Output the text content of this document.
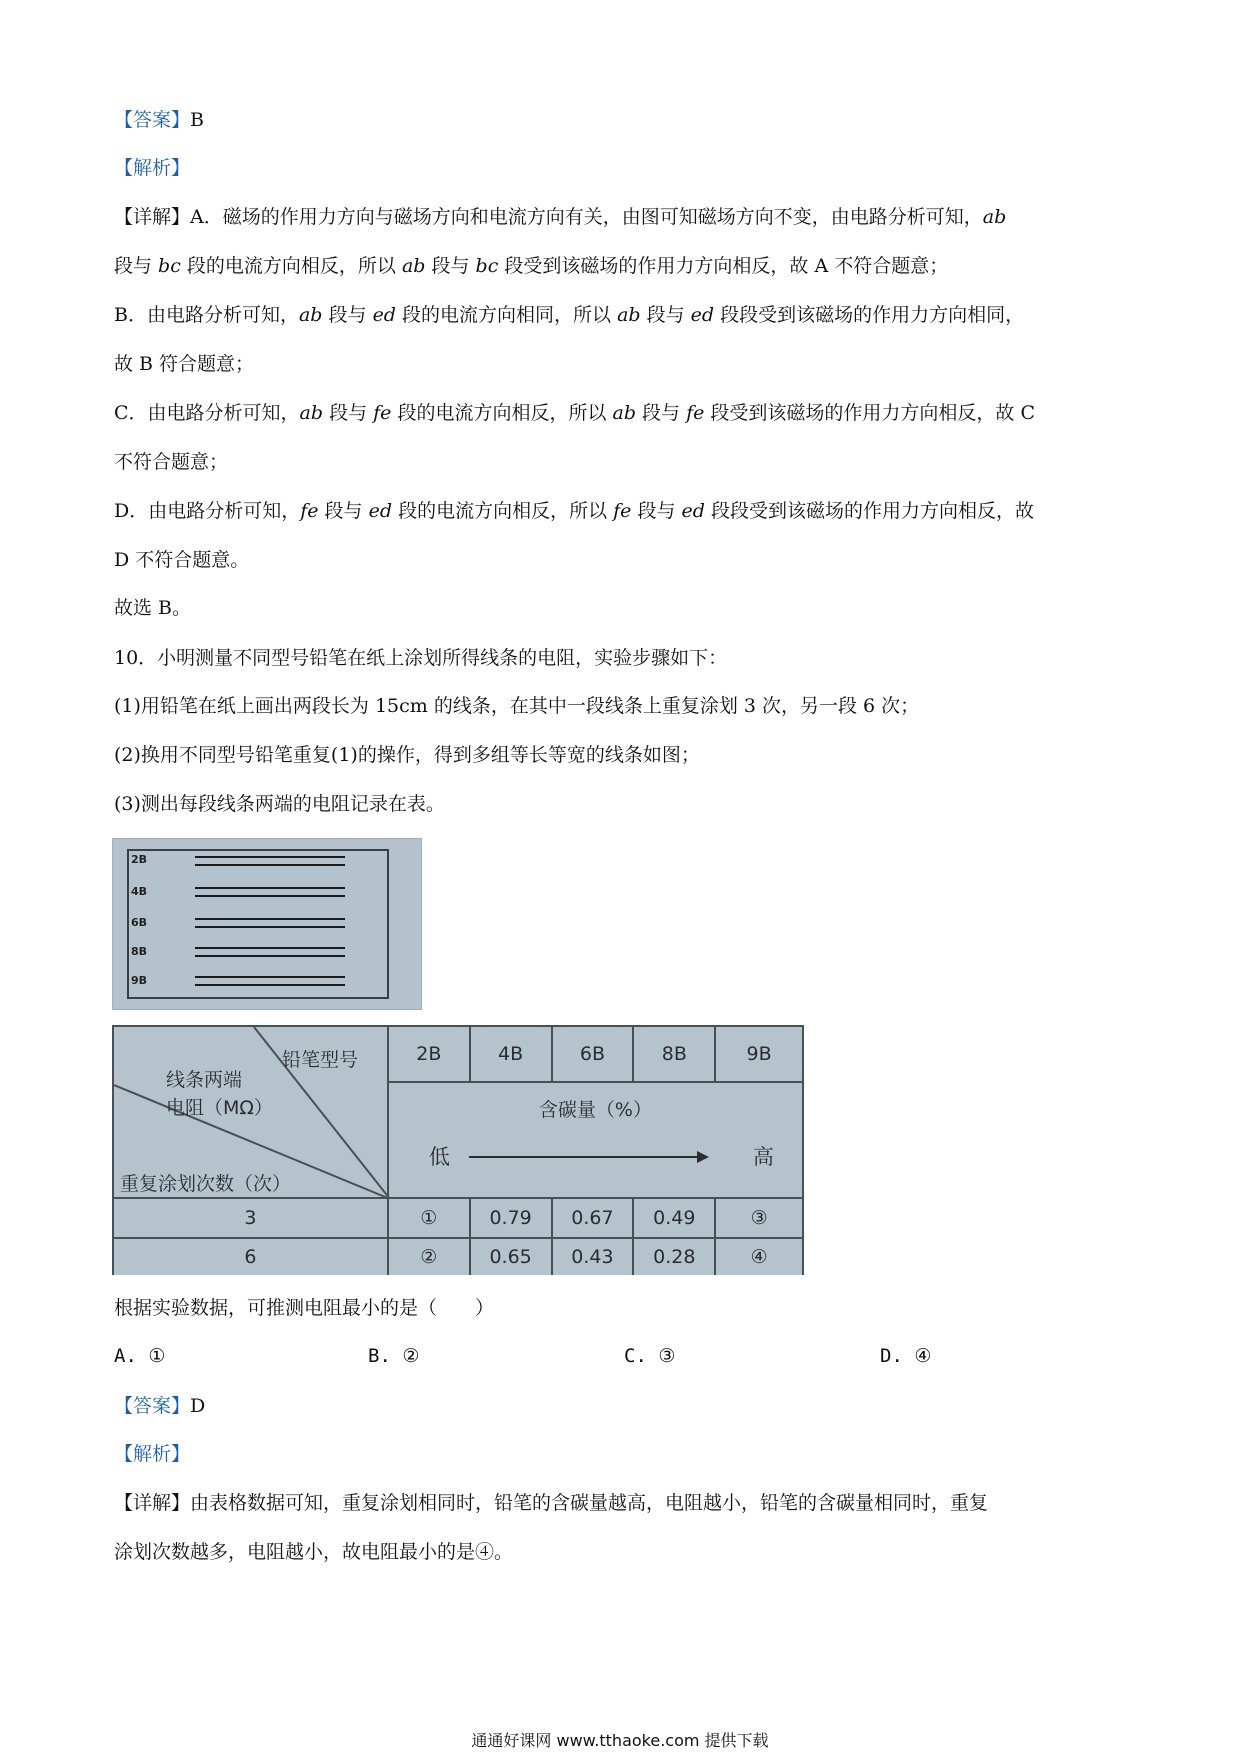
【答案】B
【解析】
【详解】A．磁场的作用力方向与磁场方向和电流方向有关，由图可知磁场方向不变，由电路分析可知，ab
段与 bc 段的电流方向相反，所以 ab 段与 bc 段受到该磁场的作用力方向相反，故 A 不符合题意；
B．由电路分析可知，ab 段与 ed 段的电流方向相同，所以 ab 段与 ed 段段受到该磁场的作用力方向相同，
故 B 符合题意；
C．由电路分析可知，ab 段与 fe 段的电流方向相反，所以 ab 段与 fe 段受到该磁场的作用力方向相反，故 C
不符合题意；
D．由电路分析可知，fe 段与 ed 段的电流方向相反，所以 fe 段与 ed 段段受到该磁场的作用力方向相反，故
D 不符合题意。
故选 B。
10．小明测量不同型号铅笔在纸上涂划所得线条的电阻，实验步骤如下：
(1)用铅笔在纸上画出两段长为 15cm 的线条，在其中一段线条上重复涂划 3 次，另一段 6 次；
(2)换用不同型号铅笔重复(1)的操作，得到多组等长等宽的线条如图；
(3)测出每段线条两端的电阻记录在表。
2B
4B
6B
8B
9B
铅笔型号
线条两端
电阻（MΩ）
重复涂划次数（次）	2B	4B	6B	8B	9B

	含碳量（%）
低 高				

3	①	0.79	0.67	0.49	③
6	②	0.65	0.43	0.28	④
根据实验数据，可推测电阻最小的是（　　）
A. ①	B. ②	C. ③	D. ④
【答案】D
【解析】
【详解】由表格数据可知，重复涂划相同时，铅笔的含碳量越高，电阻越小，铅笔的含碳量相同时，重复
涂划次数越多，电阻越小，故电阻最小的是④。
通通好课网 www.tthaoke.com 提供下载
